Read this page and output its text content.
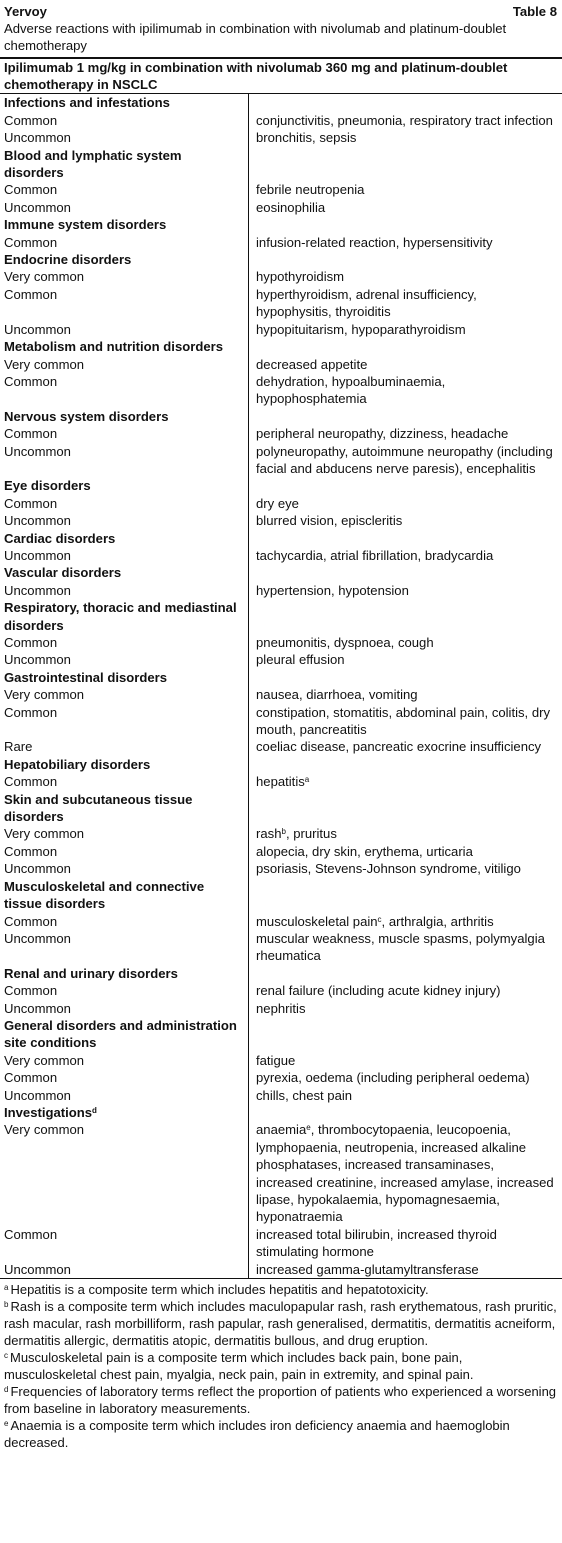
Yervoy	Table 8
Adverse reactions with ipilimumab in combination with nivolumab and platinum-doublet chemotherapy
Ipilimumab 1 mg/kg in combination with nivolumab 360 mg and platinum-doublet chemotherapy in NSCLC
Infections and infestations
Common	conjunctivitis, pneumonia, respiratory tract infection
Uncommon	bronchitis, sepsis
Blood and lymphatic system disorders
Common	febrile neutropenia
Uncommon	eosinophilia
Immune system disorders
Common	infusion-related reaction, hypersensitivity
Endocrine disorders
Very common	hypothyroidism
Common	hyperthyroidism, adrenal insufficiency, hypophysitis, thyroiditis
Uncommon	hypopituitarism, hypoparathyroidism
Metabolism and nutrition disorders
Very common	decreased appetite
Common	dehydration, hypoalbuminaemia, hypophosphatemia
Nervous system disorders
Common	peripheral neuropathy, dizziness, headache
Uncommon	polyneuropathy, autoimmune neuropathy (including facial and abducens nerve paresis), encephalitis
Eye disorders
Common	dry eye
Uncommon	blurred vision, episcleritis
Cardiac disorders
Uncommon	tachycardia, atrial fibrillation, bradycardia
Vascular disorders
Uncommon	hypertension, hypotension
Respiratory, thoracic and mediastinal disorders
Common	pneumonitis, dyspnoea, cough
Uncommon	pleural effusion
Gastrointestinal disorders
Very common	nausea, diarrhoea, vomiting
Common	constipation, stomatitis, abdominal pain, colitis, dry mouth, pancreatitis
Rare	coeliac disease, pancreatic exocrine insufficiency
Hepatobiliary disorders
Common	hepatitis$^a$
Skin and subcutaneous tissue disorders
Very common	rash$^b$, pruritus
Common	alopecia, dry skin, erythema, urticaria
Uncommon	psoriasis, Stevens-Johnson syndrome, vitiligo
Musculoskeletal and connective tissue disorders
Common	musculoskeletal pain$^c$, arthralgia, arthritis
Uncommon	muscular weakness, muscle spasms, polymyalgia rheumatica
Renal and urinary disorders
Common	renal failure (including acute kidney injury)
Uncommon	nephritis
General disorders and administration site conditions
Very common	fatigue
Common	pyrexia, oedema (including peripheral oedema)
Uncommon	chills, chest pain
Investigations$^d$
Very common	anaemia$^e$, thrombocytopaenia, leucopoenia, lymphopaenia, neutropenia, increased alkaline phosphatases, increased transaminases, increased creatinine, increased amylase, increased lipase, hypokalaemia, hypomagnesaemia, hyponatraemia
Common	increased total bilirubin, increased thyroid stimulating hormone
Uncommon	increased gamma-glutamyltransferase
$^a$ Hepatitis is a composite term which includes hepatitis and hepatotoxicity.
$^b$ Rash is a composite term which includes maculopapular rash, rash erythematous, rash pruritic, rash macular, rash morbilliform, rash papular, rash generalised, dermatitis, dermatitis acneiform, dermatitis allergic, dermatitis atopic, dermatitis bullous, and drug eruption.
$^c$ Musculoskeletal pain is a composite term which includes back pain, bone pain, musculoskeletal chest pain, myalgia, neck pain, pain in extremity, and spinal pain.
$^d$ Frequencies of laboratory terms reflect the proportion of patients who experienced a worsening from baseline in laboratory measurements.
$^e$ Anaemia is a composite term which includes iron deficiency anaemia and haemoglobin decreased.
